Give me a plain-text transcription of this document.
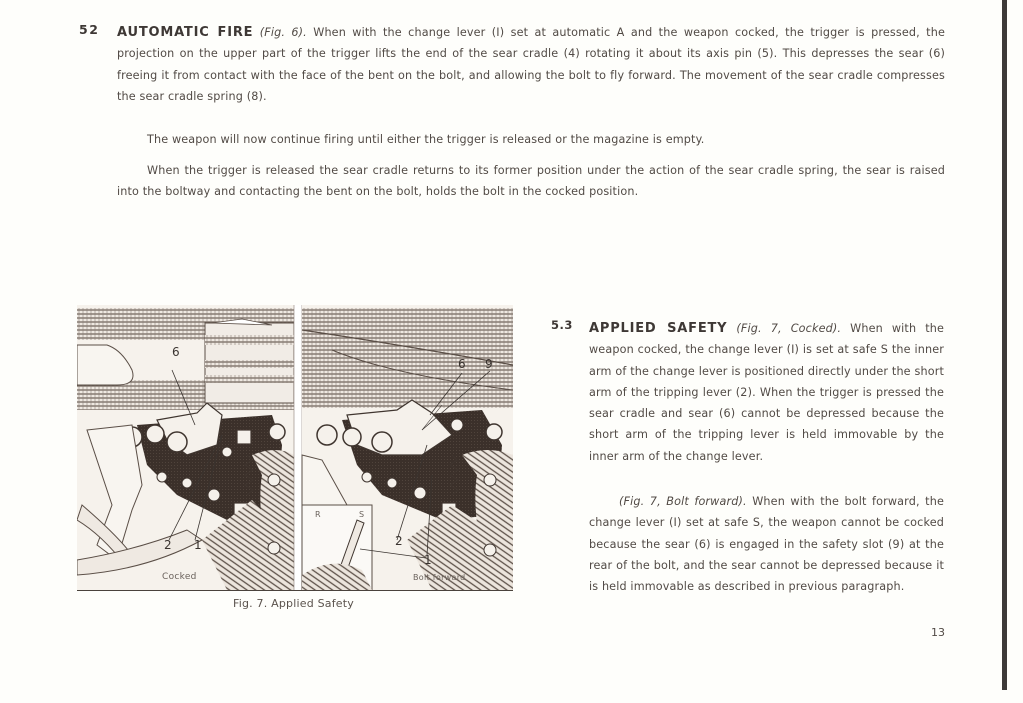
52 AUTOMATIC FIRE (Fig. 6). When with the change lever (I) set at automatic A and the weapon cocked, the trigger is pressed, the projection on the upper part of the trigger lifts the end of the sear cradle (4) rotating it about its axis pin (5). This depresses the sear (6) freeing it from contact with the face of the bent on the bolt, and allowing the bolt to fly forward. The movement of the sear cradle compresses the sear cradle spring (8).

The weapon will now continue firing until either the trigger is released or the magazine is empty.

When the trigger is released the sear cradle returns to its former position under the action of the sear cradle spring, the sear is raised into the boltway and contacting the bent on the bolt, holds the bolt in the cocked position.

6
2 1
Cocked
6 9
2
1
R	S
Bolt forward
Fig. 7. Applied Safety
5.3 APPLIED SAFETY (Fig. 7, Cocked). When with the weapon cocked, the change lever (I) is set at safe S the inner arm of the change lever is positioned directly under the short arm of the tripping lever (2). When the trigger is pressed the sear cradle and sear (6) cannot be depressed because the short arm of the tripping lever is held immovable by the inner arm of the change lever.

(Fig. 7, Bolt forward). When with the bolt forward, the change lever (I) set at safe S, the weapon cannot be cocked because the sear (6) is engaged in the safety slot (9) at the rear of the bolt, and the sear cannot be depressed because it is held immovable as described in previous paragraph.

13
